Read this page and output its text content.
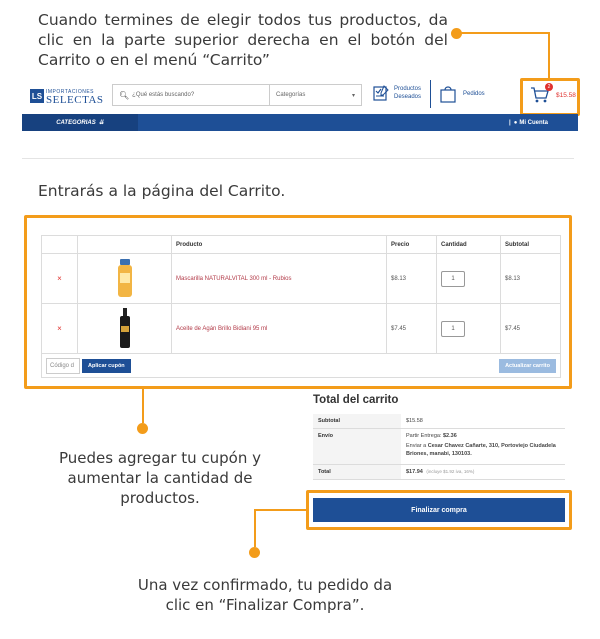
Cuando termines de elegir todos tus productos, da clic en la parte superior derecha en el botón del Carrito o en el menú “Carrito”
Entrarás a la página del Carrito.
Puedes agregar tu cupón y aumentar la cantidad de productos.
Una vez confirmado, tu pedido da clic en “Finalizar Compra”.
LS IMPORTACIONES
SELECTAS 🔍︎ ¿Qué estás buscando?	Categorías	▾
Productos
Deseados	Pedidos
2
$15.58
CATEGORIAS ⇊	| ● Mi Cuenta
		Producto	Precio	Cantidad	Subtotal
×		Mascarilla NATURALVITAL 300 ml - Rubios	$8.13	1	$8.13
×		Aceite de Agán Brillo Bidiani 95 ml	$7.45	1	$7.45

Código d Aplicar cupón Actualizar carrito					
Total del carrito
Subtotal	$15.58
Envío	Partir Entrega: $2.36
Enviar a Cesar Chavez Cañarte, 310, Portoviejo Ciudadela Briones, manabi, 130103.

Total	$17.94 (incluye $1.92 iva, 16%)
Finalizar compra
